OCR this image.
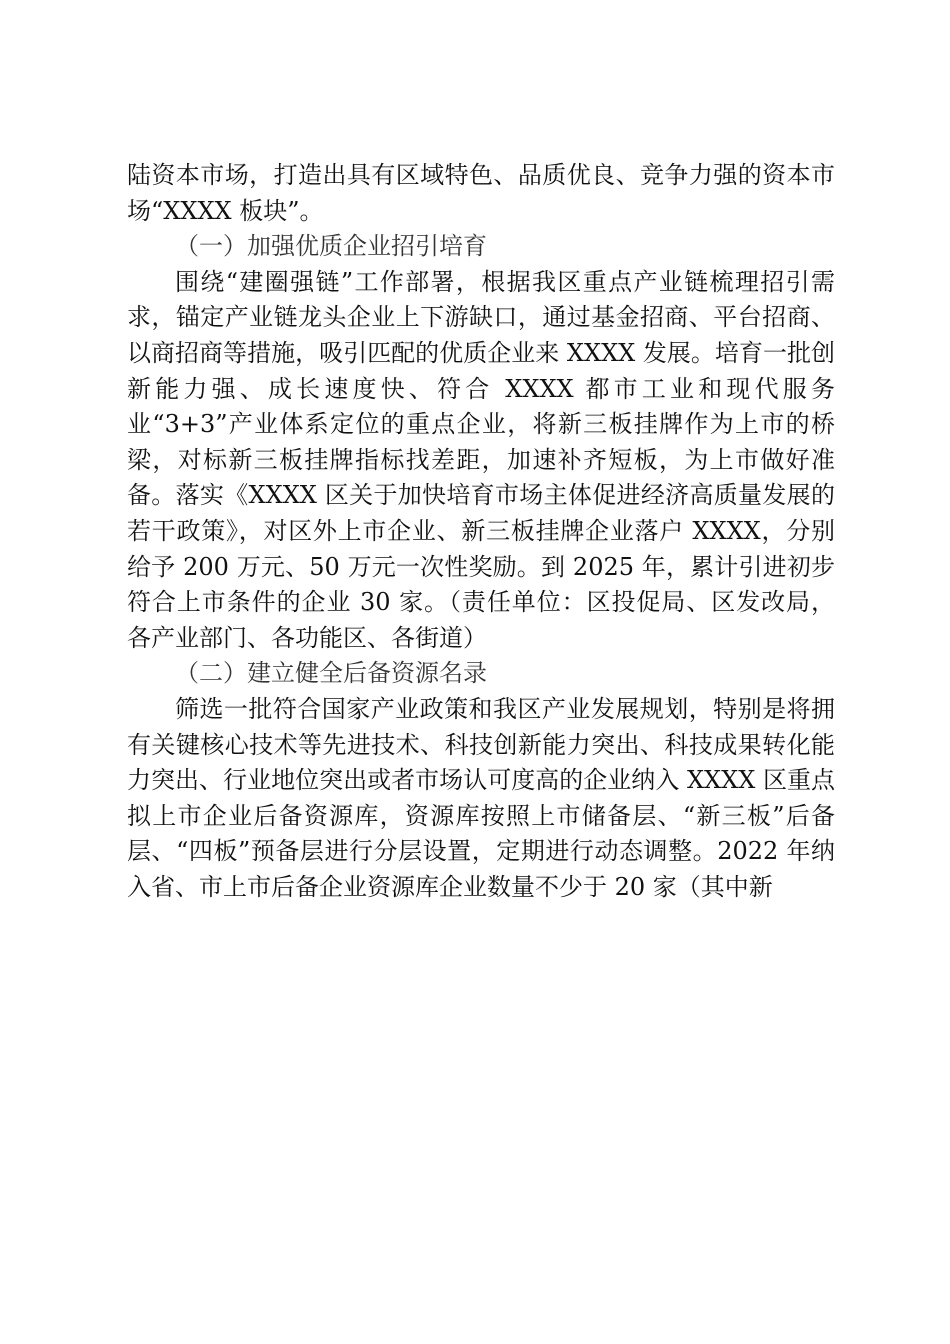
陆资本市场，打造出具有区域特色、品质优良、竞争力强的资本市场“XXXX 板块”。

（一）加强优质企业招引培育

围绕“建圈强链”工作部署，根据我区重点产业链梳理招引需求，锚定产业链龙头企业上下游缺口，通过基金招商、平台招商、以商招商等措施，吸引匹配的优质企业来 XXXX 发展。培育一批创新能力强、成长速度快、符合 XXXX 都市工业和现代服务业“3+3”产业体系定位的重点企业，将新三板挂牌作为上市的桥 梁，对标新三板挂牌指标找差距，加速补齐短板，为上市做好准备。落实《XXXX 区关于加快培育市场主体促进经济高质量发展的若干政策》，对区外上市企业、新三板挂牌企业落户 XXXX，分别给予 200 万元、50 万元一次性奖励。到 2025 年，累计引进初步符合上市条件的企业 30 家。（责任单位：区投促局、区发改局， 各产业部门、各功能区、各街道）

（二）建立健全后备资源名录

筛选一批符合国家产业政策和我区产业发展规划，特别是将拥有关键核心技术等先进技术、科技创新能力突出、科技成果转化能力突出、行业地位突出或者市场认可度高的企业纳入 XXXX 区重点拟上市企业后备资源库，资源库按照上市储备层、“新三板”后备层、“四板”预备层进行分层设置，定期进行动态调整。2022 年纳入省、市上市后备企业资源库企业数量不少于 20 家（其中新
